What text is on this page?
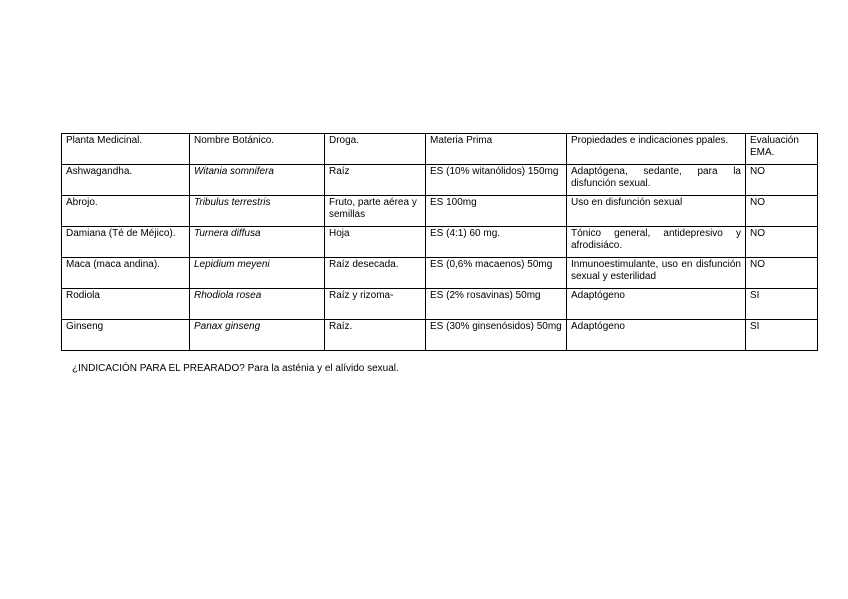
Planta Medicinal.	Nombre Botánico.	Droga.	Materia Prima	Propiedades e indicaciones ppales.	Evaluación EMA.
Ashwagandha.	Witania somnifera	Raíz	ES (10% witanólidos) 150mg	Adaptógena, sedante, para la disfunción sexual.	NO
Abrojo.	Tribulus terrestris	Fruto, parte aérea y semillas	ES 100mg	Uso en disfunción sexual	NO
Damiana (Té de Méjico).	Turnera diffusa	Hoja	ES (4:1) 60 mg.	Tónico general, antidepresivo y afrodisiáco.	NO
Maca (maca andina).	Lepidium meyeni	Raíz desecada.	ES (0,6% macaenos) 50mg	Inmunoestimulante, uso en disfunción sexual y esterilidad	NO
Rodiola	Rhodiola rosea	Raíz y rizoma-	ES (2% rosavinas) 50mg	Adaptógeno	SI
Ginseng	Panax ginseng	Raíz.	ES (30% ginsenósidos) 50mg	Adaptógeno	SI
¿INDICACIÓN PARA EL PREARADO? Para la asténia y el alívido sexual.
